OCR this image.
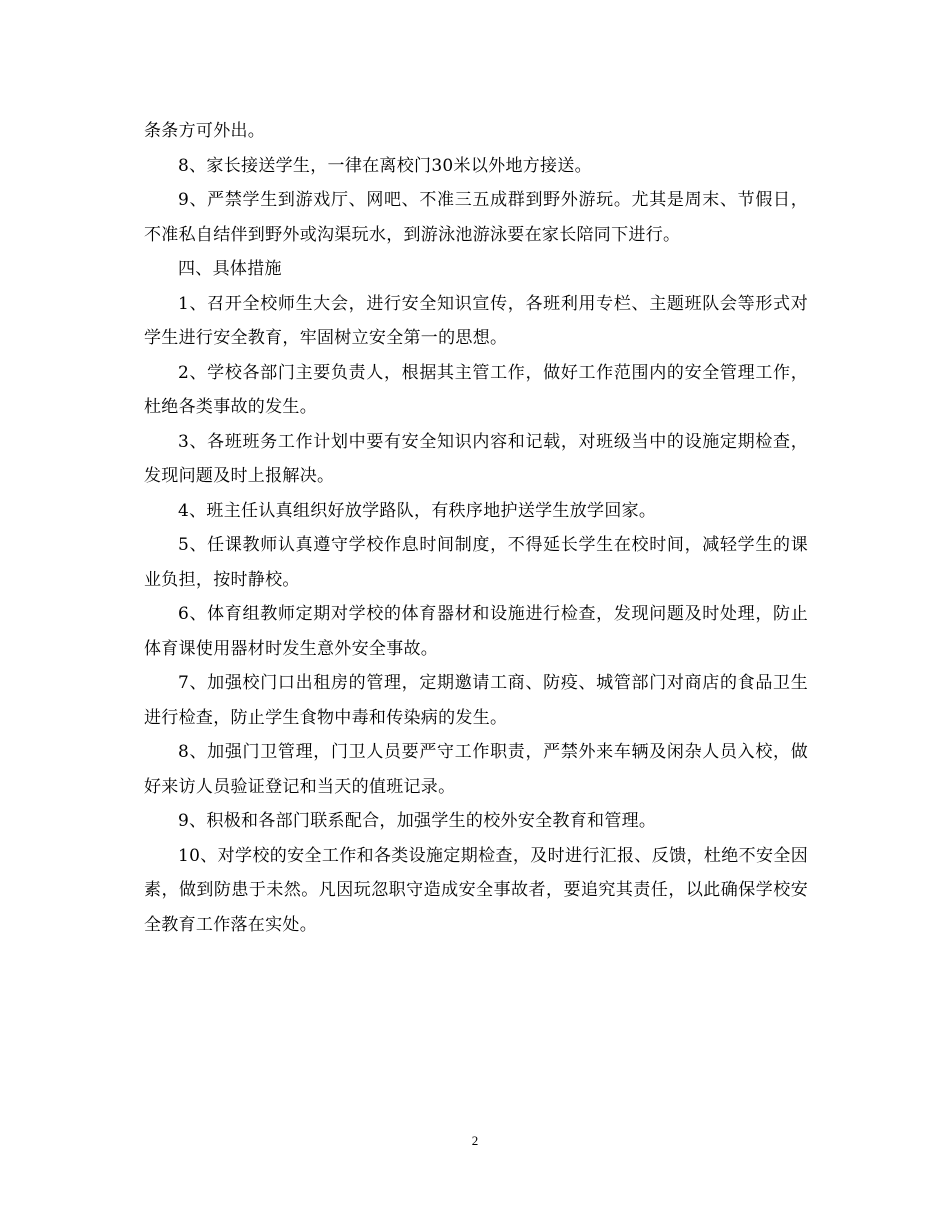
条条方可外出。

8、家长接送学生，一律在离校门30米以外地方接送。

9、严禁学生到游戏厅、网吧、不准三五成群到野外游玩。尤其是周末、节假日，不准私自结伴到野外或沟渠玩水，到游泳池游泳要在家长陪同下进行。

四、具体措施

1、召开全校师生大会，进行安全知识宣传，各班利用专栏、主题班队会等形式对学生进行安全教育，牢固树立安全第一的思想。

2、学校各部门主要负责人，根据其主管工作，做好工作范围内的安全管理工作，杜绝各类事故的发生。

3、各班班务工作计划中要有安全知识内容和记载，对班级当中的设施定期检查，发现问题及时上报解决。

4、班主任认真组织好放学路队，有秩序地护送学生放学回家。

5、任课教师认真遵守学校作息时间制度，不得延长学生在校时间，减轻学生的课业负担，按时静校。

6、体育组教师定期对学校的体育器材和设施进行检查，发现问题及时处理，防止体育课使用器材时发生意外安全事故。

7、加强校门口出租房的管理，定期邀请工商、防疫、城管部门对商店的食品卫生进行检查，防止学生食物中毒和传染病的发生。

8、加强门卫管理，门卫人员要严守工作职责，严禁外来车辆及闲杂人员入校，做好来访人员验证登记和当天的值班记录。

9、积极和各部门联系配合，加强学生的校外安全教育和管理。

10、对学校的安全工作和各类设施定期检查，及时进行汇报、反馈，杜绝不安全因素，做到防患于未然。凡因玩忽职守造成安全事故者，要追究其责任，以此确保学校安全教育工作落在实处。

2
